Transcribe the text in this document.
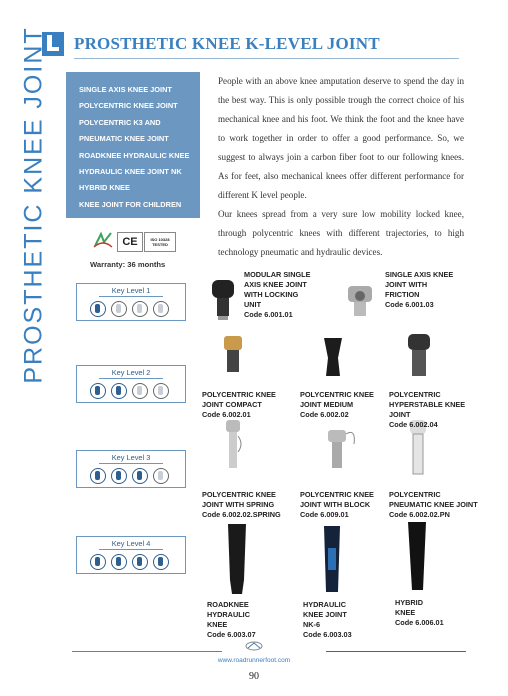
PROSTHETIC KNEE K-LEVEL JOINT
PROSTHETIC KNEE JOINT	SINGLE AXIS KNEE JOINT
POLYCENTRIC KNEE JOINT
POLYCENTRIC K3 AND
PNEUMATIC KNEE JOINT
ROADKNEE HYDRAULIC KNEE
HYDRAULIC KNEE JOINT NK
HYBRID KNEE
KNEE JOINT FOR CHILDREN

People with an above knee amputation deserve to spend the day in the best way. This is only possible trough the correct choice of his mechanical knee and his foot. We think the foot and the knee have to work together in order to offer a good performance. So, we suggest to always join a carbon fiber foot to our following knees. As for feet, also mechanical knees offer different performance for different K level people.

Our knees spread from a very sure low mobility locked knee, through polycentric knees with different trajectories, to high technology pneumatic and hydraulic devices.

CE	ISO 10328 TESTED
Warranty: 36 months
Key Level 1
Key Level 2
Key Level 3
Key Level 4
MODULAR SINGLE
AXIS KNEE JOINT
WITH LOCKING
UNIT
Code 6.001.01
SINGLE AXIS KNEE
JOINT WITH
FRICTION
Code 6.001.03
POLYCENTRIC KNEE
JOINT COMPACT
Code 6.002.01
POLYCENTRIC KNEE
JOINT MEDIUM
Code 6.002.02
POLYCENTRIC
HYPERSTABLE KNEE
JOINT
Code 6.002.04
POLYCENTRIC KNEE
JOINT WITH SPRING
Code 6.002.02.SPRING
POLYCENTRIC KNEE
JOINT WITH BLOCK
Code 6.009.01
POLYCENTRIC
PNEUMATIC KNEE JOINT
Code 6.002.02.PN
ROADKNEE
HYDRAULIC
KNEE
Code 6.003.07
HYDRAULIC
KNEE JOINT
NK-6
Code 6.003.03
HYBRID
KNEE
Code 6.006.01
www.roadrunnerfoot.com
90
